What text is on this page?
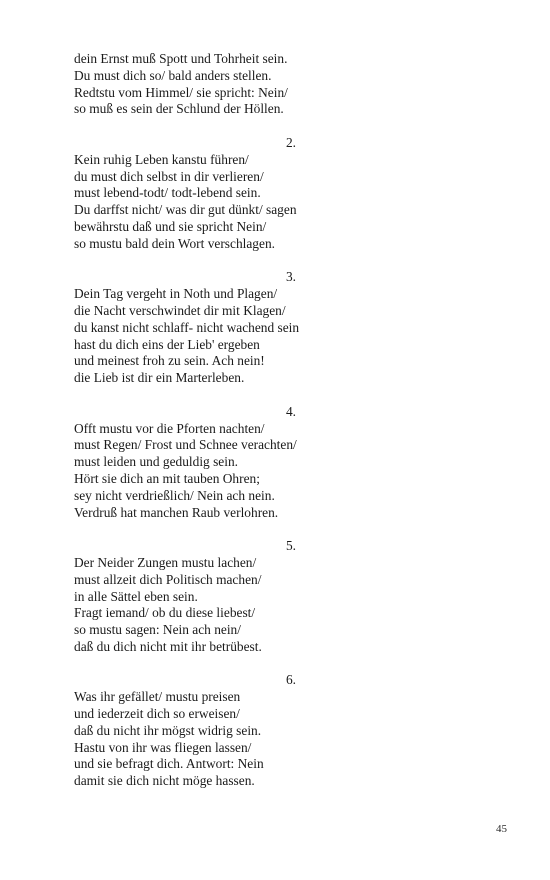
dein Ernst muß Spott und Tohrheit sein.
Du must dich so/ bald anders stellen.
Redtstu vom Himmel/ sie spricht: Nein/
so muß es sein der Schlund der Höllen.
2.
Kein ruhig Leben kanstu führen/
du must dich selbst in dir verlieren/
must lebend-todt/ todt-lebend sein.
Du darffst nicht/ was dir gut dünkt/ sagen
bewährstu daß und sie spricht Nein/
so mustu bald dein Wort verschlagen.
3.
Dein Tag vergeht in Noth und Plagen/
die Nacht verschwindet dir mit Klagen/
du kanst nicht schlaff- nicht wachend sein
hast du dich eins der Lieb' ergeben
und meinest froh zu sein. Ach nein!
die Lieb ist dir ein Marterleben.
4.
Offt mustu vor die Pforten nachten/
must Regen/ Frost und Schnee verachten/
must leiden und geduldig sein.
Hört sie dich an mit tauben Ohren;
sey nicht verdrießlich/ Nein ach nein.
Verdruß hat manchen Raub verlohren.
5.
Der Neider Zungen mustu lachen/
must allzeit dich Politisch machen/
in alle Sättel eben sein.
Fragt iemand/ ob du diese liebest/
so mustu sagen: Nein ach nein/
daß du dich nicht mit ihr betrübest.
6.
Was ihr gefället/ mustu preisen
und iederzeit dich so erweisen/
daß du nicht ihr mögst widrig sein.
Hastu von ihr was fliegen lassen/
und sie befragt dich. Antwort: Nein
damit sie dich nicht möge hassen.
45
